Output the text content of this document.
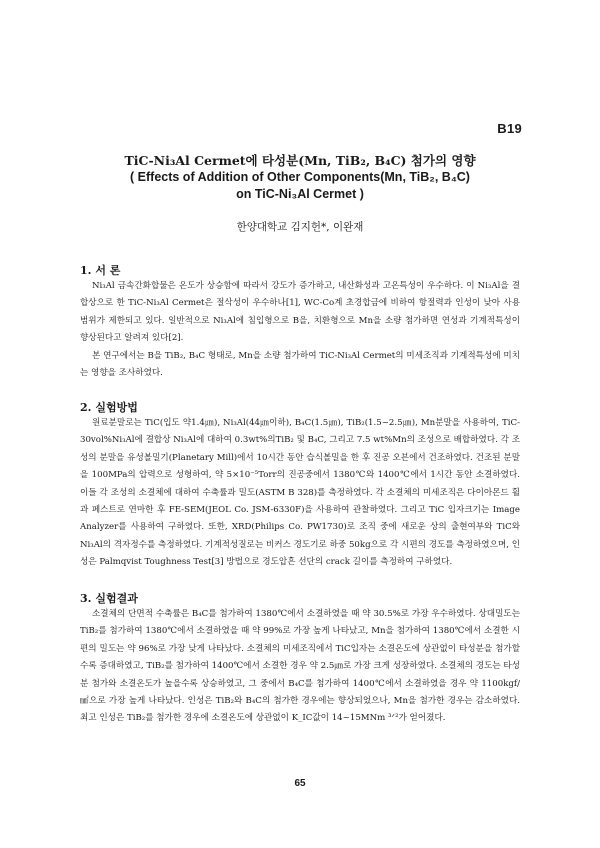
B19
TiC-Ni₃Al Cermet에 타성분(Mn, TiB₂, B₄C) 첨가의 영향
( Effects of Addition of Other Components(Mn, TiB₂, B₄C)
on TiC-Ni₃Al Cermet )
한양대학교 김지헌*, 이완재
1. 서 론

Ni₃Al 금속간화합물은 온도가 상승함에 따라서 강도가 증가하고, 내산화성과 고온특성이 우수하다. 이 Ni₃Al을 결합상으로 한 TiC-Ni₃Al Cermet은 절삭성이 우수하나[1], WC-Co계 초경합금에 비하여 항절력과 인성이 낮아 사용범위가 제한되고 있다. 일반적으로 Ni₃Al에 침입형으로 B을, 치환형으로 Mn을 소량 첨가하면 연성과 기계적특성이 향상된다고 알려져 있다[2].

본 연구에서는 B을 TiB₂, B₄C 형태로, Mn을 소량 첨가하여 TiC-Ni₃Al Cermet의 미세조직과 기계적특성에 미치는 영향을 조사하였다.

2. 실험방법

원료분말로는 TiC(입도 약1.4㎛), Ni₃Al(44㎛이하), B₄C(1.5㎛), TiB₂(1.5~2.5㎛), Mn분말을 사용하여, TiC-30vol%Ni₃Al에 결합상 Ni₃Al에 대하여 0.3wt%의TiB₂ 및 B₄C, 그리고 7.5 wt%Mn의 조성으로 배합하였다. 각 조성의 분말을 유성볼밀기(Planetary Mill)에서 10시간 동안 습식볼밀을 한 후 진공 오븐에서 건조하였다. 건조된 분말을 100MPa의 압력으로 성형하여, 약 5×10⁻⁵Torr의 진공중에서 1380℃와 1400℃에서 1시간 동안 소결하였다. 이들 각 조성의 소결체에 대하여 수축률과 밀도(ASTM B 328)를 측정하였다. 각 소결체의 미세조직은 다이아몬드 휠과 페스트로 연마한 후 FE-SEM(JEOL Co. JSM-6330F)을 사용하여 관찰하였다. 그리고 TiC 입자크기는 Image Analyzer를 사용하여 구하였다. 또한, XRD(Philips Co. PW1730)로 조직 중에 새로운 상의 출현여부와 TiC와 Ni₃Al의 격자정수를 측정하였다. 기계적성질로는 비커스 경도기로 하중 50kg으로 각 시편의 경도를 측정하였으며, 인성은 Palmqvist Toughness Test[3] 방법으로 경도압흔 선단의 crack 길이를 측정하여 구하였다.

3. 실험결과

소결체의 단면적 수축률은 B₄C를 첨가하여 1380℃에서 소결하였을 때 약 30.5%로 가장 우수하였다. 상대밀도는 TiB₂를 첨가하여 1380℃에서 소결하였을 때 약 99%로 가장 높게 나타났고, Mn을 첨가하여 1380℃에서 소결한 시편의 밀도는 약 96%로 가장 낮게 나타났다. 소결체의 미세조직에서 TiC입자는 소결온도에 상관없이 타성분을 첨가할수록 증대하였고, TiB₂를 첨가하여 1400℃에서 소결한 경우 약 2.5㎛로 가장 크게 성장하였다. 소결체의 경도는 타성분 첨가와 소결온도가 높을수록 상승하였고, 그 중에서 B₄C를 첨가하여 1400℃에서 소결하였을 경우 약 1100kgf/㎟으로 가장 높게 나타났다. 인성은 TiB₂와 B₄C의 첨가한 경우에는 향상되었으나, Mn을 첨가한 경우는 감소하였다. 최고 인성은 TiB₂를 첨가한 경우에 소결온도에 상관없이 K_IC값이 14~15MNm ³ᐟ²가 얻어졌다.

65
